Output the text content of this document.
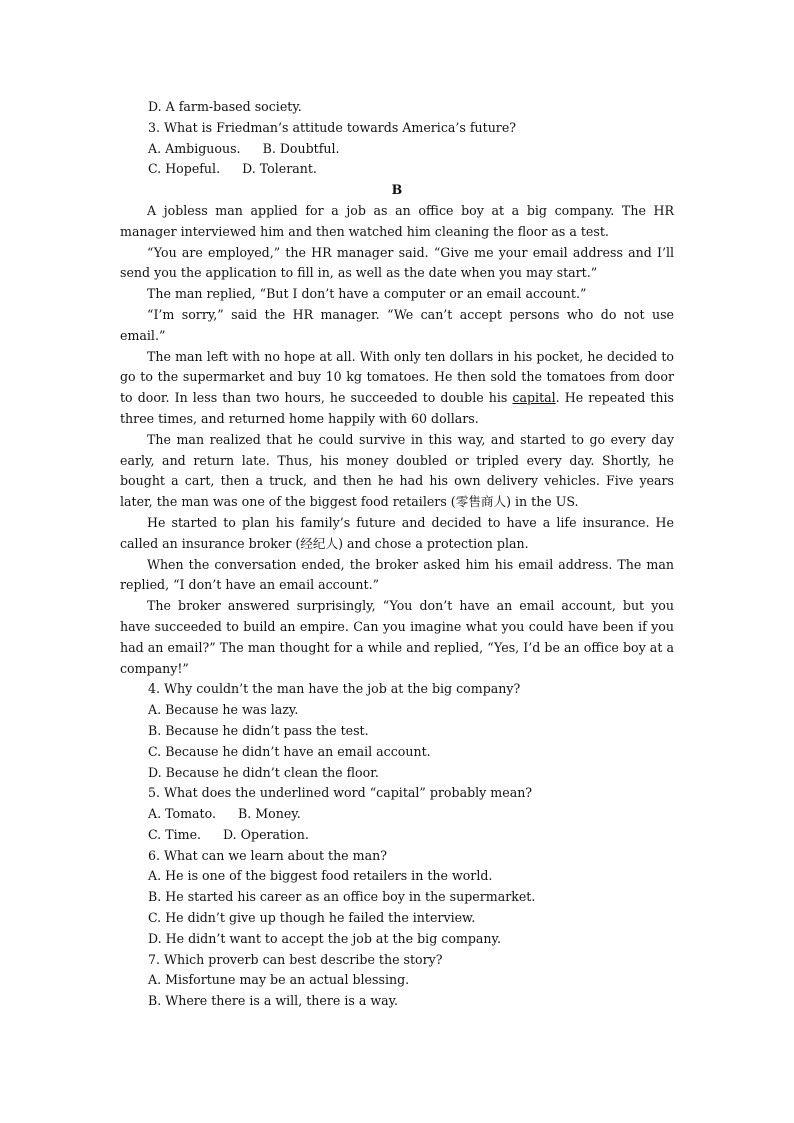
D. A farm-based society.
3. What is Friedman’s attitude towards America’s future?
A. Ambiguous. B. Doubtful.
C. Hopeful. D. Tolerant.
B
A jobless man applied for a job as an office boy at a big company. The HR manager interviewed him and then watched him cleaning the floor as a test.
“You are employed,” the HR manager said. “Give me your email address and I’ll send you the application to fill in, as well as the date when you may start.”
The man replied, “But I don’t have a computer or an email account.”
“I’m sorry,” said the HR manager. “We can’t accept persons who do not use email.”
The man left with no hope at all. With only ten dollars in his pocket, he decided to go to the supermarket and buy 10 kg tomatoes. He then sold the tomatoes from door to door. In less than two hours, he succeeded to double his capital. He repeated this three times, and returned home happily with 60 dollars.
The man realized that he could survive in this way, and started to go every day early, and return late. Thus, his money doubled or tripled every day. Shortly, he bought a cart, then a truck, and then he had his own delivery vehicles. Five years later, the man was one of the biggest food retailers (零售商人) in the US.
He started to plan his family’s future and decided to have a life insurance. He called an insurance broker (经纪人) and chose a protection plan.
When the conversation ended, the broker asked him his email address. The man replied, “I don’t have an email account.”
The broker answered surprisingly, “You don’t have an email account, but you have succeeded to build an empire. Can you imagine what you could have been if you had an email?” The man thought for a while and replied, “Yes, I’d be an office boy at a company!”
4. Why couldn’t the man have the job at the big company?
A. Because he was lazy.
B. Because he didn’t pass the test.
C. Because he didn’t have an email account.
D. Because he didn’t clean the floor.
5. What does the underlined word “capital” probably mean?
A. Tomato. B. Money.
C. Time. D. Operation.
6. What can we learn about the man?
A. He is one of the biggest food retailers in the world.
B. He started his career as an office boy in the supermarket.
C. He didn’t give up though he failed the interview.
D. He didn’t want to accept the job at the big company.
7. Which proverb can best describe the story?
A. Misfortune may be an actual blessing.
B. Where there is a will, there is a way.
